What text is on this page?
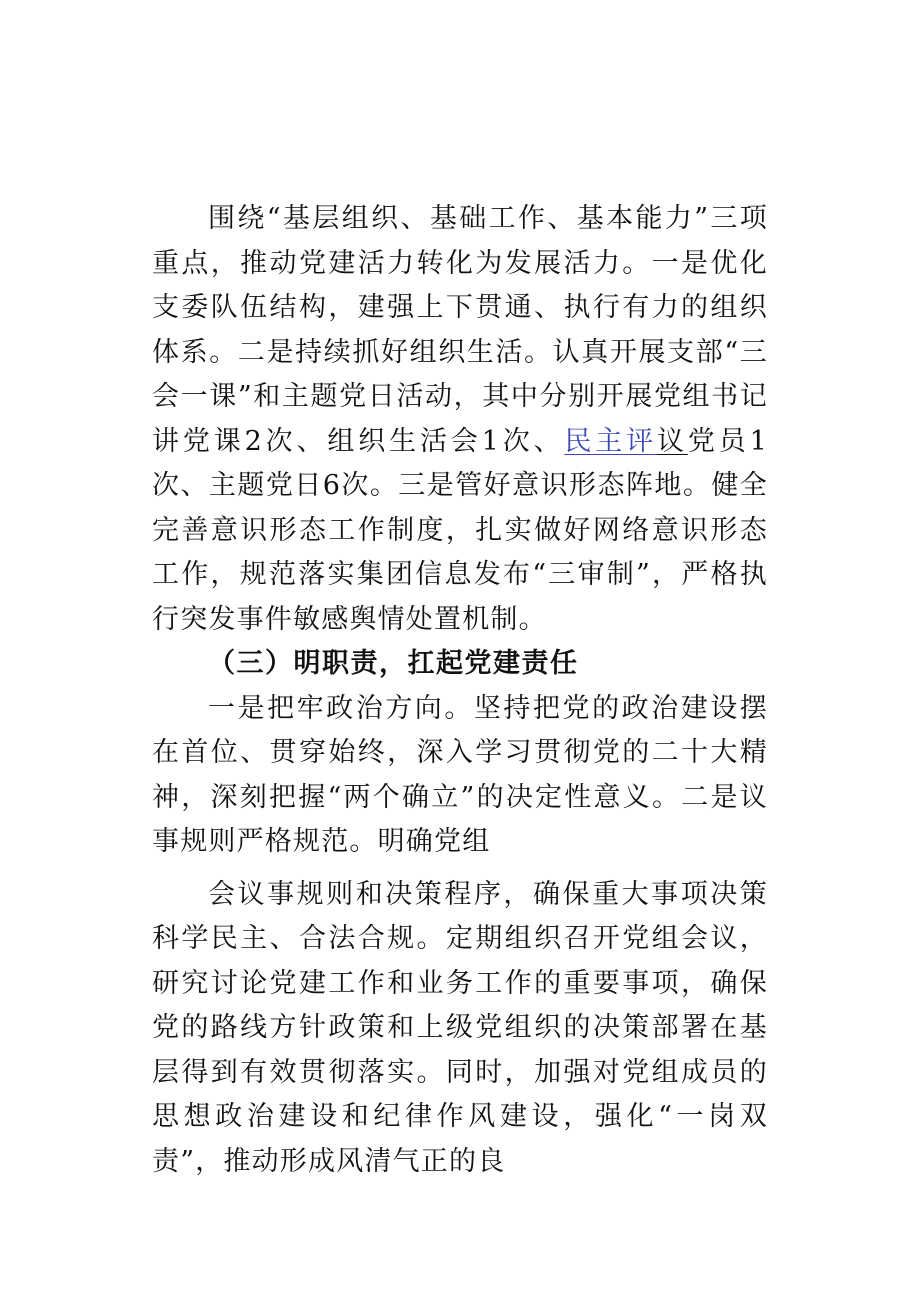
围绕“基层组织、基础工作、基本能力”三项重点，推动党建活力转化为发展活力。一是优化支委队伍结构，建强上下贯通、执行有力的组织体系。二是持续抓好组织生活。认真开展支部“三会一课”和主题党日活动，其中分别开展党组书记讲党课2次、组织生活会1次、民主评议党员1次、主题党日6次。三是管好意识形态阵地。健全完善意识形态工作制度，扎实做好网络意识形态工作，规范落实集团信息发布“三审制”，严格执行突发事件敏感舆情处置机制。

（三）明职责，扛起党建责任

一是把牢政治方向。坚持把党的政治建设摆在首位、贯穿始终，深入学习贯彻党的二十大精神，深刻把握“两个确立”的决定性意义。二是议事规则严格规范。明确党组

会议事规则和决策程序，确保重大事项决策科学民主、合法合规。定期组织召开党组会议，研究讨论党建工作和业务工作的重要事项，确保党的路线方针政策和上级党组织的决策部署在基层得到有效贯彻落实。同时，加强对党组成员的思想政治建设和纪律作风建设，强化“一岗双责”，推动形成风清气正的良
